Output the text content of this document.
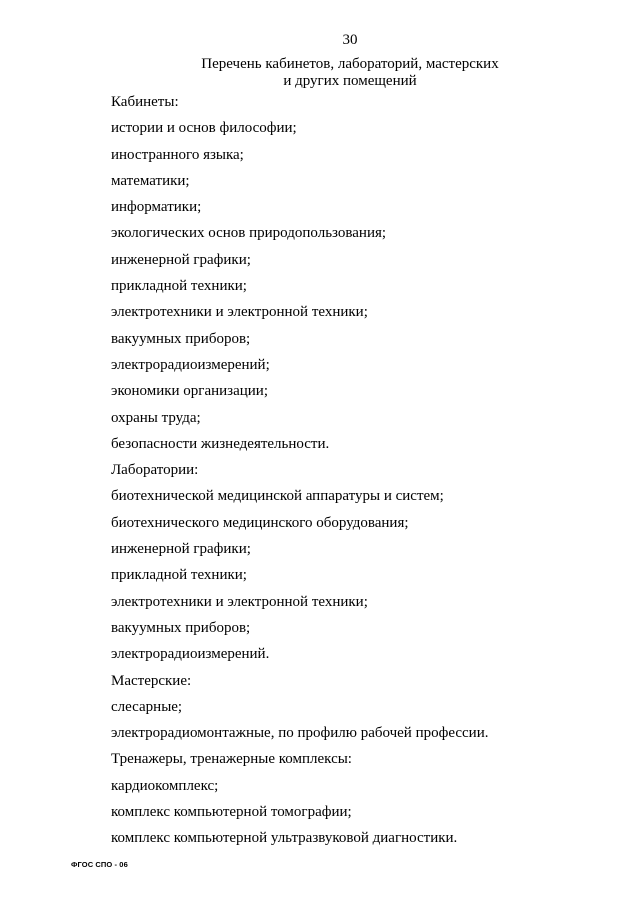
30
Перечень кабинетов, лабораторий, мастерских
и других помещений
Кабинеты:
истории и основ философии;
иностранного языка;
математики;
информатики;
экологических основ природопользования;
инженерной графики;
прикладной техники;
электротехники и электронной техники;
вакуумных приборов;
электрорадиоизмерений;
экономики организации;
охраны труда;
безопасности жизнедеятельности.
Лаборатории:
биотехнической медицинской аппаратуры и систем;
биотехнического медицинского оборудования;
инженерной графики;
прикладной техники;
электротехники и электронной техники;
вакуумных приборов;
электрорадиоизмерений.
Мастерские:
слесарные;
электрорадиомонтажные, по профилю рабочей профессии.
Тренажеры, тренажерные комплексы:
кардиокомплекс;
комплекс компьютерной томографии;
комплекс компьютерной ультразвуковой диагностики.
ФГОС СПО - 06
